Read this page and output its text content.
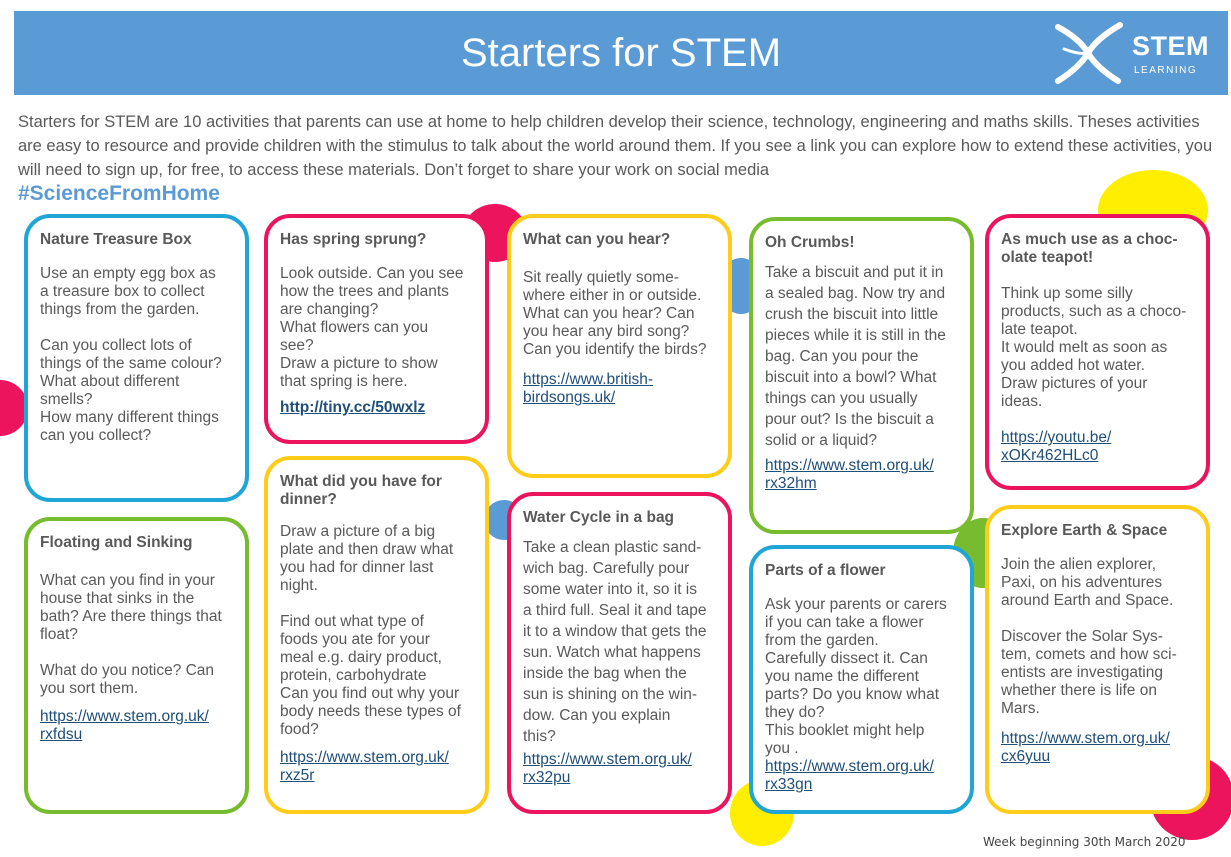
Starters for STEM	STEM
LEARNING
Starters for STEM are 10 activities that parents can use at home to help children develop their science, technology, engineering and maths skills. Theses activities are easy to resource and provide children with the stimulus to talk about the world around them. If you see a link you can explore how to extend these activities, you will need to sign up, for free, to access these materials. Don’t forget to share your work on social media
#ScienceFromHome
Nature Treasure Box
Use an empty egg box as
a treasure box to collect
things from the garden.
Can you collect lots of
things of the same colour?
What about different
smells?
How many different things
can you collect?
Floating and Sinking
What can you find in your
house that sinks in the
bath? Are there things that
float?
What do you notice? Can
you sort them.
https://www.stem.org.uk/
rxfdsu
Has spring sprung?
Look outside. Can you see
how the trees and plants
are changing?
What flowers can you
see?
Draw a picture to show
that spring is here.
http://tiny.cc/50wxlz
What did you have for
dinner?
Draw a picture of a big
plate and then draw what
you had for dinner last
night.
Find out what type of
foods you ate for your
meal e.g. dairy product,
protein, carbohydrate
Can you find out why your
body needs these types of
food?
https://www.stem.org.uk/
rxz5r
What can you hear?
Sit really quietly some-
where either in or outside.
What can you hear? Can
you hear any bird song?
Can you identify the birds?
https://www.british-
birdsongs.uk/
Water Cycle in a bag
Take a clean plastic sand-
wich bag. Carefully pour
some water into it, so it is
a third full. Seal it and tape
it to a window that gets the
sun. Watch what happens
inside the bag when the
sun is shining on the win-
dow. Can you explain
this?
https://www.stem.org.uk/
rx32pu
Oh Crumbs!
Take a biscuit and put it in
a sealed bag. Now try and
crush the biscuit into little
pieces while it is still in the
bag. Can you pour the
biscuit into a bowl? What
things can you usually
pour out? Is the biscuit a
solid or a liquid?
https://www.stem.org.uk/
rx32hm
Parts of a flower
Ask your parents or carers
if you can take a flower
from the garden.
Carefully dissect it. Can
you name the different
parts? Do you know what
they do?
This booklet might help
you .
https://www.stem.org.uk/
rx33gn
As much use as a choc-
olate teapot!
Think up some silly
products, such as a choco-
late teapot.
It would melt as soon as
you added hot water.
Draw pictures of your
ideas.
https://youtu.be/
xOKr462HLc0
Explore Earth & Space
Join the alien explorer,
Paxi, on his adventures
around Earth and Space.
Discover the Solar Sys-
tem, comets and how sci-
entists are investigating
whether there is life on
Mars.
https://www.stem.org.uk/
cx6yuu
Week beginning 30th March 2020
